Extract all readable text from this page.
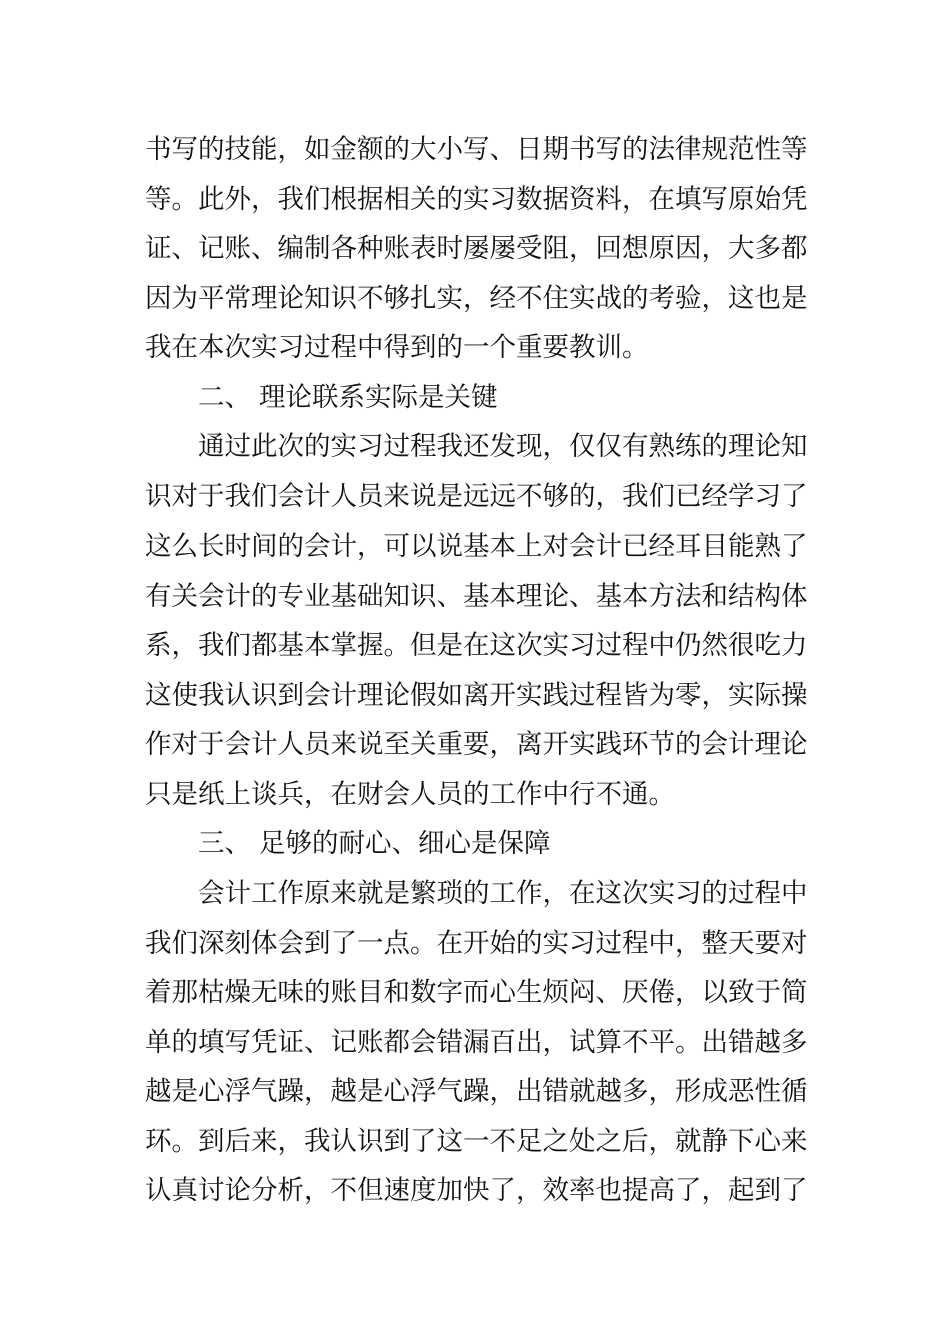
书写的技能，如金额的大小写、日期书写的法律规范性等
等。此外，我们根据相关的实习数据资料，在填写原始凭
证、记账、编制各种账表时屡屡受阻，回想原因，大多都
因为平常理论知识不够扎实，经不住实战的考验，这也是
我在本次实习过程中得到的一个重要教训。
二、 理论联系实际是关键
通过此次的实习过程我还发现，仅仅有熟练的理论知
识对于我们会计人员来说是远远不够的，我们已经学习了
这么长时间的会计，可以说基本上对会计已经耳目能熟了
有关会计的专业基础知识、基本理论、基本方法和结构体
系，我们都基本掌握。但是在这次实习过程中仍然很吃力
这使我认识到会计理论假如离开实践过程皆为零，实际操
作对于会计人员来说至关重要，离开实践环节的会计理论
只是纸上谈兵，在财会人员的工作中行不通。
三、 足够的耐心、细心是保障
会计工作原来就是繁琐的工作，在这次实习的过程中
我们深刻体会到了一点。在开始的实习过程中，整天要对
着那枯燥无味的账目和数字而心生烦闷、厌倦，以致于简
单的填写凭证、记账都会错漏百出，试算不平。出错越多
越是心浮气躁，越是心浮气躁，出错就越多，形成恶性循
环。到后来，我认识到了这一不足之处之后，就静下心来
认真讨论分析，不但速度加快了，效率也提高了，起到了
